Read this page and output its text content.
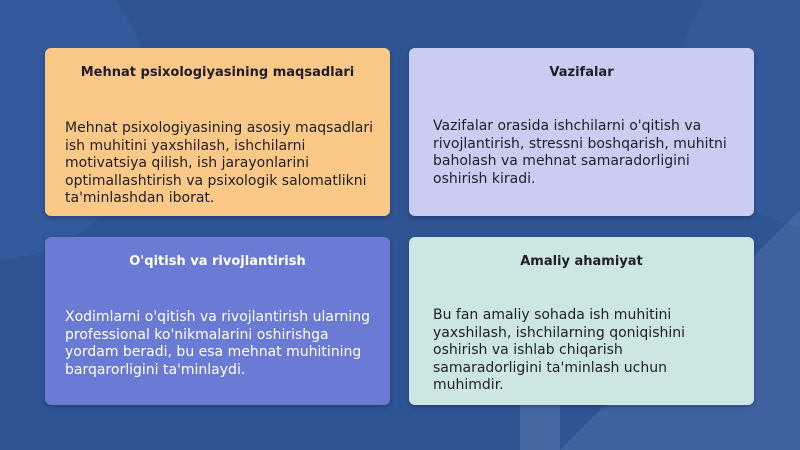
Mehnat psixologiyasining maqsadlari
Mehnat psixologiyasining asosiy maqsadlari ish muhitini yaxshilash, ishchilarni motivatsiya qilish, ish jarayonlarini optimallashtirish va psixologik salomatlikni ta'minlashdan iborat.
Vazifalar
Vazifalar orasida ishchilarni o'qitish va rivojlantirish, stressni boshqarish, muhitni baholash va mehnat samaradorligini oshirish kiradi.
O'qitish va rivojlantirish
Xodimlarni o'qitish va rivojlantirish ularning professional ko'nikmalarini oshirishga yordam beradi, bu esa mehnat muhitining barqarorligini ta'minlaydi.
Amaliy ahamiyat
Bu fan amaliy sohada ish muhitini yaxshilash, ishchilarning qoniqishini oshirish va ishlab chiqarish samaradorligini ta'minlash uchun muhimdir.
